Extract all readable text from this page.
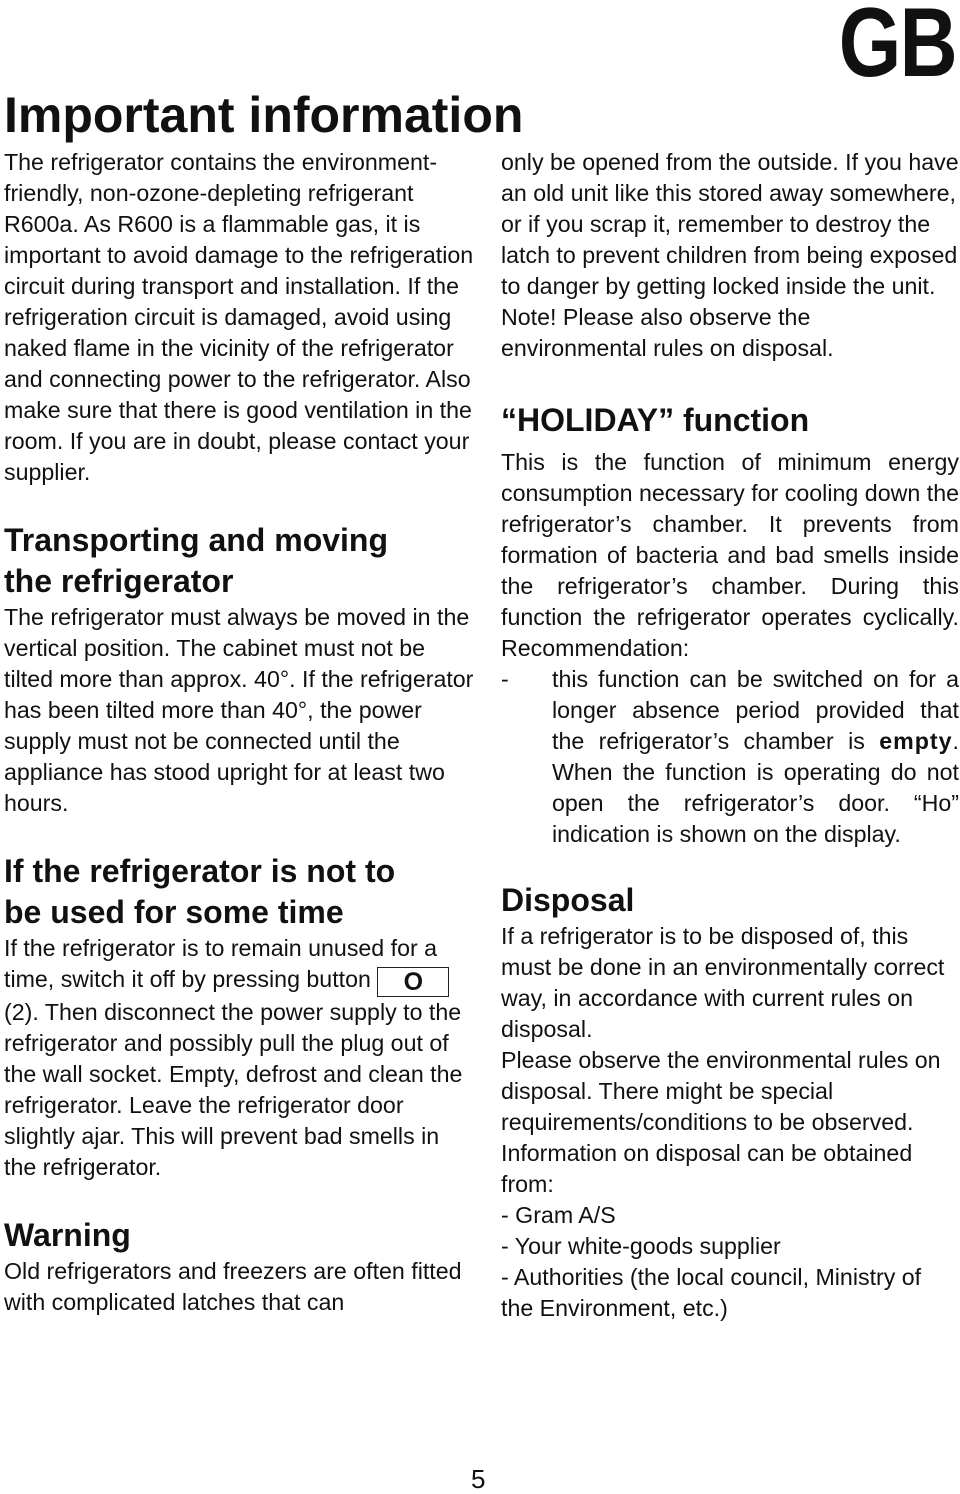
GB
Important information

The refrigerator contains the environment-friendly, non-ozone-depleting refrigerant R600a. As R600 is a flammable gas, it is important to avoid damage to the refrigeration circuit during transport and installation. If the refrigeration circuit is damaged, avoid using naked flame in the vicinity of the refrigerator and connecting power to the refrigerator. Also make sure that there is good ventilation in the room. If you are in doubt, please contact your supplier.

Transporting and moving
the refrigerator

The refrigerator must always be moved in the vertical position. The cabinet must not be tilted more than approx. 40°. If the refrigerator has been tilted more than 40°, the power supply must not be connected until the appliance has stood upright for at least two hours.

If the refrigerator is not to
be used for some time

If the refrigerator is to remain unused for a time, switch it off by pressing button O(2). Then disconnect the power supply to the refrigerator and possibly pull the plug out of the wall socket. Empty, defrost and clean the refrigerator. Leave the refrigerator door slightly ajar. This will prevent bad smells in the refrigerator.

Warning

Old refrigerators and freezers are often fitted with complicated latches that can

only be opened from the outside. If you have an old unit like this stored away somewhere, or if you scrap it, remember to destroy the latch to prevent children from being exposed to danger by getting locked inside the unit.

Note! Please also observe the environmental rules on disposal.

“HOLIDAY” function

This is the function of minimum energy consumption necessary for cooling down the refrigerator’s chamber. It prevents from formation of bacteria and bad smells inside the refrigerator’s chamber. During this function the refrigerator operates cyclically. Recommendation:

- this function can be switched on for a longer absence period provided that the refrigerator’s chamber is empty. When the function is operating do not open the refrigerator’s door. “Ho” indication is shown on the display.

Disposal

If a refrigerator is to be disposed of, this must be done in an environmentally correct way, in accordance with current rules on disposal.

Please observe the environmental rules on disposal. There might be special requirements/conditions to be observed. Information on disposal can be obtained from:

- Gram A/S

- Your white-goods supplier

- Authorities (the local council, Ministry of the Environment, etc.)

5
